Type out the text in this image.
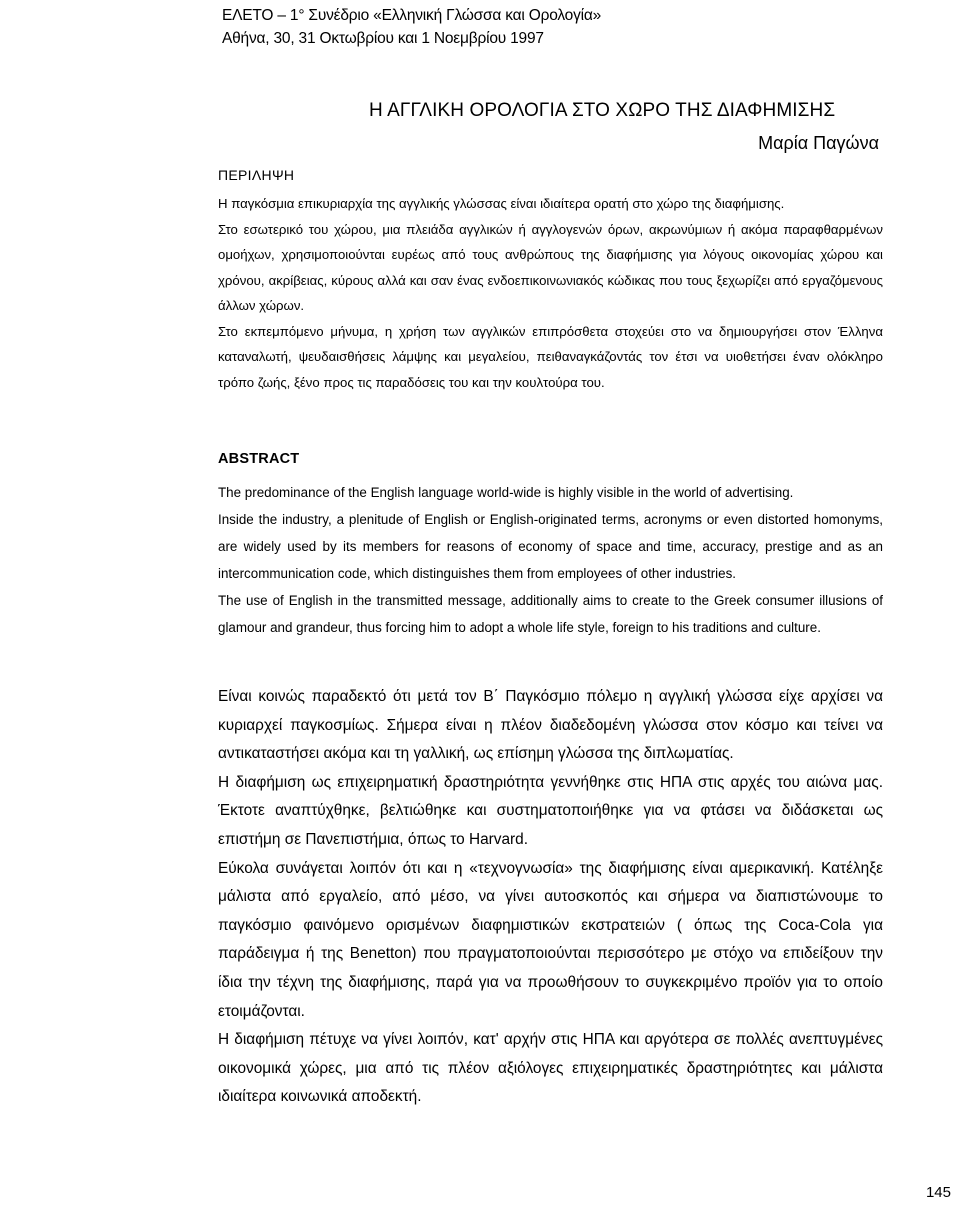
ΕΛΕΤΟ – 1° Συνέδριο «Ελληνική Γλώσσα και Ορολογία»
Αθήνα, 30, 31 Οκτωβρίου και 1 Νοεμβρίου 1997
Η ΑΓΓΛΙΚΗ ΟΡΟΛΟΓΙΑ ΣΤΟ ΧΩΡΟ ΤΗΣ ΔΙΑΦΗΜΙΣΗΣ
Μαρία Παγώνα
ΠΕΡΙΛΗΨΗ

Η παγκόσμια επικυριαρχία της αγγλικής γλώσσας είναι ιδιαίτερα ορατή στο χώρο της διαφήμισης.

Στο εσωτερικό του χώρου, μια πλειάδα αγγλικών ή αγγλογενών όρων, ακρωνύμιων ή ακόμα παραφθαρμένων ομοήχων, χρησιμοποιούνται ευρέως από τους ανθρώπους της διαφήμισης για λόγους οικονομίας χώρου και χρόνου, ακρίβειας, κύρους αλλά και σαν ένας ενδοεπικοινωνιακός κώδικας που τους ξεχωρίζει από εργαζόμενους άλλων χώρων.

Στο εκπεμπόμενο μήνυμα, η χρήση των αγγλικών επιπρόσθετα στοχεύει στο να δημιουργήσει στον Έλληνα καταναλωτή, ψευδαισθήσεις λάμψης και μεγαλείου, πειθαναγκάζοντάς τον έτσι να υιοθετήσει έναν ολόκληρο τρόπο ζωής, ξένο προς τις παραδόσεις του και την κουλτούρα του.

ABSTRACT

The predominance of the English language world-wide is highly visible in the world of advertising.

Inside the industry, a plenitude of English or English-originated terms, acronyms or even distorted homonyms, are widely used by its members for reasons of economy of space and time, accuracy, prestige and as an intercommunication code, which distinguishes them from employees of other industries.

The use of English in the transmitted message, additionally aims to create to the Greek consumer illusions of glamour and grandeur, thus forcing him to adopt a whole life style, foreign to his traditions and culture.

Είναι κοινώς παραδεκτό ότι μετά τον Β΄ Παγκόσμιο πόλεμο η αγγλική γλώσσα είχε αρχίσει να κυριαρχεί παγκοσμίως. Σήμερα είναι η πλέον διαδεδομένη γλώσσα στον κόσμο και τείνει να αντικαταστήσει ακόμα και τη γαλλική, ως επίσημη γλώσσα της διπλωματίας.

Η διαφήμιση ως επιχειρηματική δραστηριότητα γεννήθηκε στις ΗΠΑ στις αρχές του αιώνα μας. Έκτοτε αναπτύχθηκε, βελτιώθηκε και συστηματοποιήθηκε για να φτάσει να διδάσκεται ως επιστήμη σε Πανεπιστήμια, όπως το Harvard.

Εύκολα συνάγεται λοιπόν ότι και η «τεχνογνωσία» της διαφήμισης είναι αμερικανική. Κατέληξε μάλιστα από εργαλείο, από μέσο, να γίνει αυτοσκοπός και σήμερα να διαπιστώνουμε το παγκόσμιο φαινόμενο ορισμένων διαφημιστικών εκστρατειών ( όπως της Coca-Cola για παράδειγμα ή της Benetton) που πραγματοποιούνται περισσότερο με στόχο να επιδείξουν την ίδια την τέχνη της διαφήμισης, παρά για να προωθήσουν το συγκεκριμένο προϊόν για το οποίο ετοιμάζονται.

Η διαφήμιση πέτυχε να γίνει λοιπόν, κατ' αρχήν στις ΗΠΑ και αργότερα σε πολλές ανεπτυγμένες οικονομικά χώρες, μια από τις πλέον αξιόλογες επιχειρηματικές δραστηριότητες και μάλιστα ιδιαίτερα κοινωνικά αποδεκτή.

145
